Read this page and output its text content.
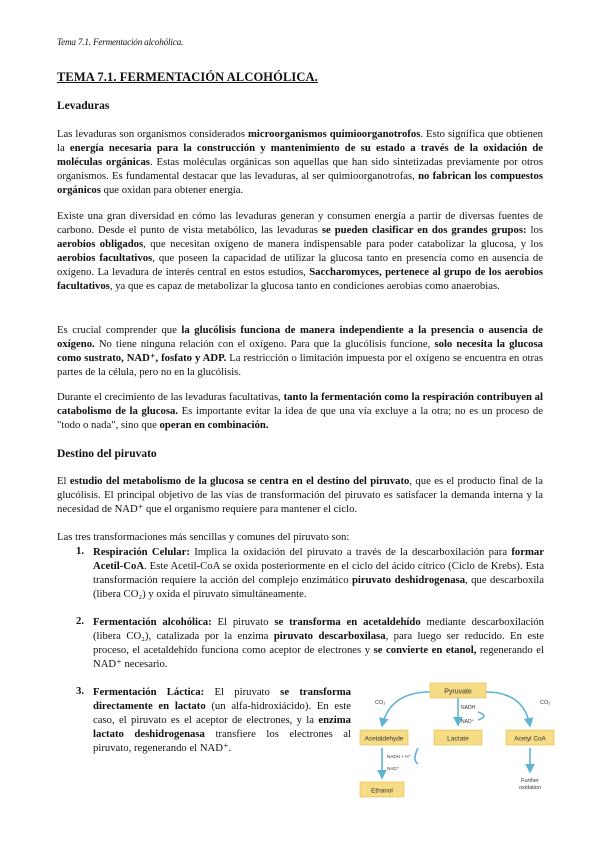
Tema 7.1. Fermentación alcohólica.
TEMA 7.1. FERMENTACIÓN ALCOHÓLICA.
Levaduras
Las levaduras son organismos considerados microorganismos quimioorganotrofos. Esto significa que obtienen la energía necesaria para la construcción y mantenimiento de su estado a través de la oxidación de moléculas orgánicas. Estas moléculas orgánicas son aquellas que han sido sintetizadas previamente por otros organismos. Es fundamental destacar que las levaduras, al ser quimioorganotrofas, no fabrican los compuestos orgánicos que oxidan para obtener energía.
Existe una gran diversidad en cómo las levaduras generan y consumen energía a partir de diversas fuentes de carbono. Desde el punto de vista metabólico, las levaduras se pueden clasificar en dos grandes grupos: los aerobios obligados, que necesitan oxígeno de manera indispensable para poder catabolizar la glucosa, y los aerobios facultativos, que poseen la capacidad de utilizar la glucosa tanto en presencia como en ausencia de oxígeno. La levadura de interés central en estos estudios, Saccharomyces, pertenece al grupo de los aerobios facultativos, ya que es capaz de metabolizar la glucosa tanto en condiciones aerobias como anaerobias.
Es crucial comprender que la glucólisis funciona de manera independiente a la presencia o ausencia de oxígeno. No tiene ninguna relación con el oxígeno. Para que la glucólisis funcione, solo necesita la glucosa como sustrato, NAD⁺, fosfato y ADP. La restricción o limitación impuesta por el oxígeno se encuentra en otras partes de la célula, pero no en la glucólisis.
Durante el crecimiento de las levaduras facultativas, tanto la fermentación como la respiración contribuyen al catabolismo de la glucosa. Es importante evitar la idea de que una vía excluye a la otra; no es un proceso de "todo o nada", sino que operan en combinación.
Destino del piruvato
El estudio del metabolismo de la glucosa se centra en el destino del piruvato, que es el producto final de la glucólisis. El principal objetivo de las vías de transformación del piruvato es satisfacer la demanda interna y la necesidad de NAD⁺ que el organismo requiere para mantener el ciclo.
Las tres transformaciones más sencillas y comunes del piruvato son:
1. Respiración Celular: Implica la oxidación del piruvato a través de la descarboxilación para formar Acetil-CoA. Este Acetil-CoA se oxida posteriormente en el ciclo del ácido cítrico (Ciclo de Krebs). Esta transformación requiere la acción del complejo enzimático piruvato deshidrogenasa, que descarboxila (libera CO₂) y oxida el piruvato simultáneamente.
2. Fermentación alcohólica: El piruvato se transforma en acetaldehído mediante descarboxilación (libera CO₂), catalizada por la enzima piruvato descarboxilasa, para luego ser reducido. En este proceso, el acetaldehído funciona como aceptor de electrones y se convierte en etanol, regenerando el NAD⁺ necesario.
3. Fermentación Láctica: El piruvato se transforma directamente en lactato (un alfa-hidroxiácido). En este caso, el piruvato es el aceptor de electrones, y la enzima lactato deshidrogenasa transfiere los electrones al piruvato, regenerando el NAD⁺.
Pyruvate
Acetaldehyde	Lactate	Acetyl CoA
Ethanol
CO₂	CO₂
NADH
NAD⁺
NADH + H⁺
NAD⁺
Further
oxidation
